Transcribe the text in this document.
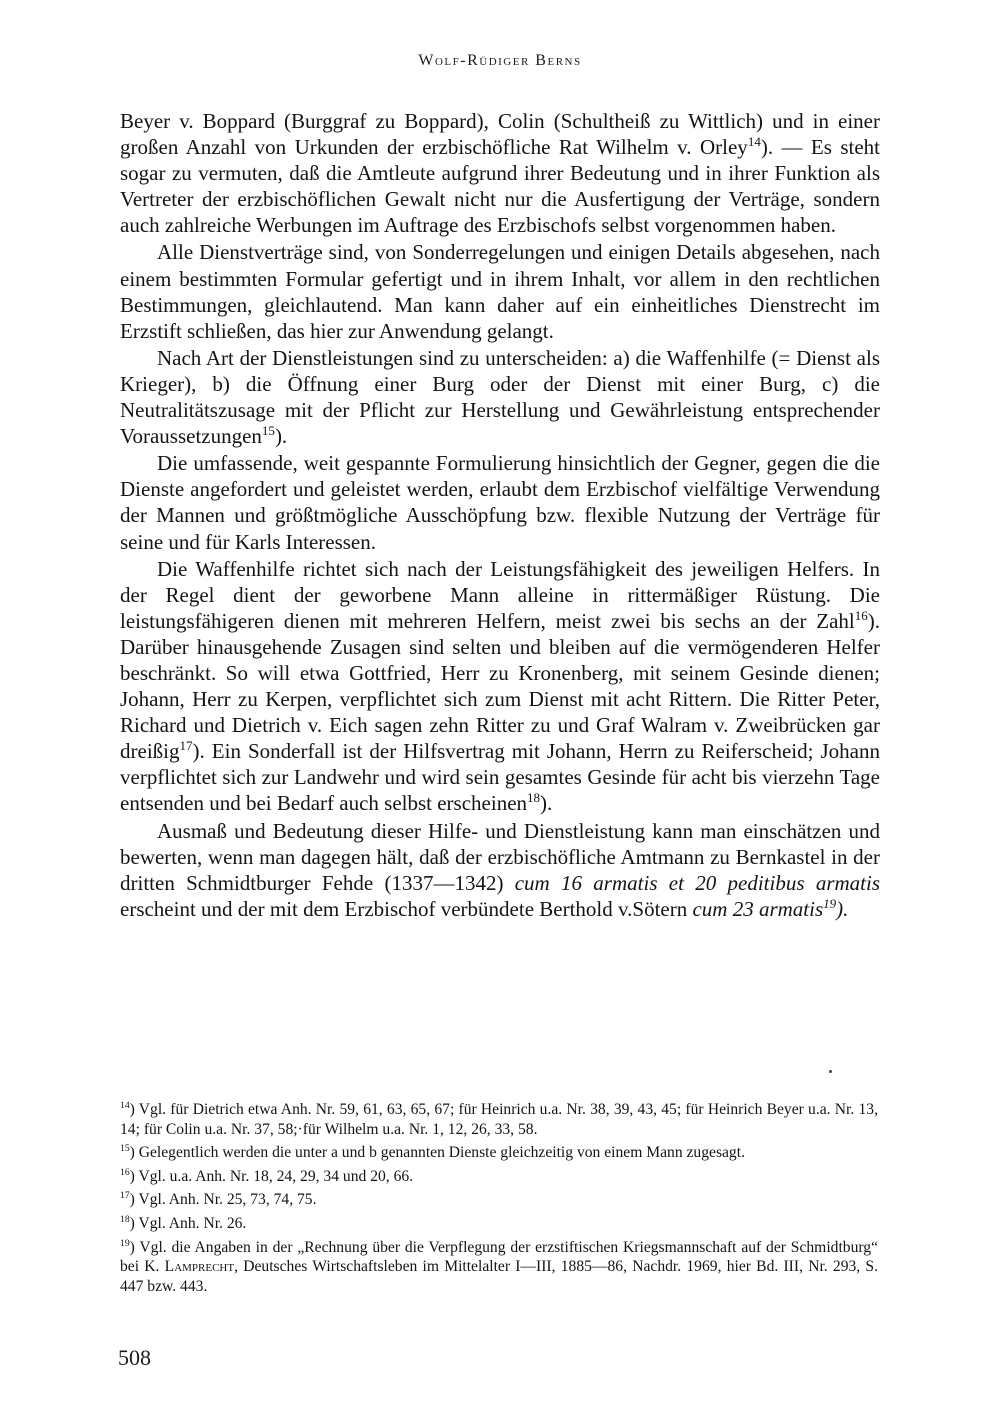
Wolf-Rüdiger Berns

Beyer v. Boppard (Burggraf zu Boppard), Colin (Schultheiß zu Wittlich) und in einer großen Anzahl von Urkunden der erzbischöfliche Rat Wilhelm v. Orley$^{14}$). — Es steht sogar zu vermuten, daß die Amtleute aufgrund ihrer Bedeutung und in ihrer Funktion als Vertreter der erzbischöflichen Gewalt nicht nur die Ausfertigung der Verträge, sondern auch zahlreiche Werbungen im Auftrage des Erzbischofs selbst vorgenommen haben.

Alle Dienstverträge sind, von Sonderregelungen und einigen Details abgesehen, nach einem bestimmten Formular gefertigt und in ihrem Inhalt, vor allem in den rechtlichen Bestimmungen, gleichlautend. Man kann daher auf ein einheitliches Dienstrecht im Erzstift schließen, das hier zur Anwendung gelangt.

Nach Art der Dienstleistungen sind zu unterscheiden: a) die Waffenhilfe (= Dienst als Krieger), b) die Öffnung einer Burg oder der Dienst mit einer Burg, c) die Neutralitätszusage mit der Pflicht zur Herstellung und Gewährleistung entsprechender Voraussetzungen$^{15}$).

Die umfassende, weit gespannte Formulierung hinsichtlich der Gegner, gegen die die Dienste angefordert und geleistet werden, erlaubt dem Erzbischof vielfältige Verwendung der Mannen und größtmögliche Ausschöpfung bzw. flexible Nutzung der Verträge für seine und für Karls Interessen.

Die Waffenhilfe richtet sich nach der Leistungsfähigkeit des jeweiligen Helfers. In der Regel dient der geworbene Mann alleine in rittermäßiger Rüstung. Die leistungsfähigeren dienen mit mehreren Helfern, meist zwei bis sechs an der Zahl$^{16}$). Darüber hinausgehende Zusagen sind selten und bleiben auf die vermögenderen Helfer beschränkt. So will etwa Gottfried, Herr zu Kronenberg, mit seinem Gesinde dienen; Johann, Herr zu Kerpen, verpflichtet sich zum Dienst mit acht Rittern. Die Ritter Peter, Richard und Dietrich v. Eich sagen zehn Ritter zu und Graf Walram v. Zweibrücken gar dreißig$^{17}$). Ein Sonderfall ist der Hilfsvertrag mit Johann, Herrn zu Reiferscheid; Johann verpflichtet sich zur Landwehr und wird sein gesamtes Gesinde für acht bis vierzehn Tage entsenden und bei Bedarf auch selbst erscheinen$^{18}$).

Ausmaß und Bedeutung dieser Hilfe- und Dienstleistung kann man einschätzen und bewerten, wenn man dagegen hält, daß der erzbischöfliche Amtmann zu Bernkastel in der dritten Schmidtburger Fehde (1337—1342) cum 16 armatis et 20 peditibus armatis erscheint und der mit dem Erzbischof verbündete Berthold v.Sötern cum 23 armatis$^{19}$).

$^{14}$) Vgl. für Dietrich etwa Anh. Nr. 59, 61, 63, 65, 67; für Heinrich u.a. Nr. 38, 39, 43, 45; für Heinrich Beyer u.a. Nr. 13, 14; für Colin u.a. Nr. 37, 58;·für Wilhelm u.a. Nr. 1, 12, 26, 33, 58.
$^{15}$) Gelegentlich werden die unter a und b genannten Dienste gleichzeitig von einem Mann zugesagt.
$^{16}$) Vgl. u.a. Anh. Nr. 18, 24, 29, 34 und 20, 66.
$^{17}$) Vgl. Anh. Nr. 25, 73, 74, 75.
$^{18}$) Vgl. Anh. Nr. 26.
$^{19}$) Vgl. die Angaben in der „Rechnung über die Verpflegung der erzstiftischen Kriegsmannschaft auf der Schmidtburg“ bei K. Lamprecht, Deutsches Wirtschaftsleben im Mittelalter I—III, 1885—86, Nachdr. 1969, hier Bd. III, Nr. 293, S. 447 bzw. 443.
508
